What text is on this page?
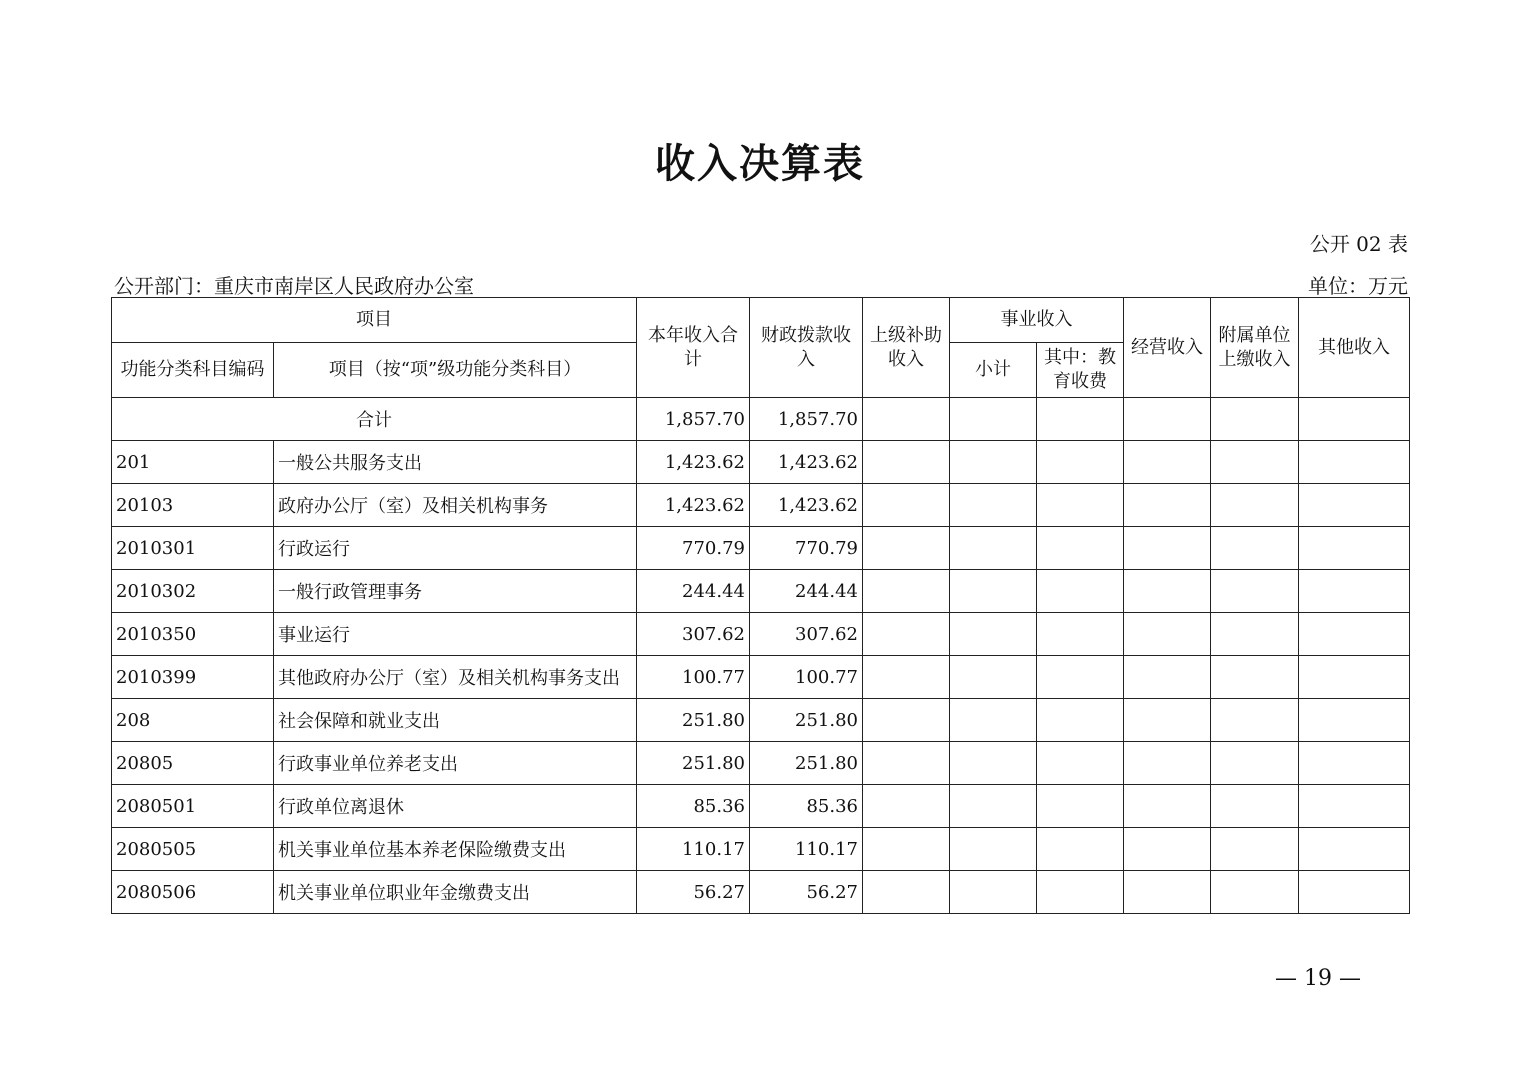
收入决算表
公开 02 表
公开部门：重庆市南岸区人民政府办公室	单位：万元
项目		本年收入合计	财政拨款收入	上级补助收入	事业收入		经营收入	附属单位上缴收入	其他收入
功能分类科目编码	项目（按“项”级功能分类科目）				小计	其中：教育收费			
合计		1,857.70	1,857.70						
201	一般公共服务支出	1,423.62	1,423.62						
20103	政府办公厅（室）及相关机构事务	1,423.62	1,423.62						
2010301	行政运行	770.79	770.79						
2010302	一般行政管理事务	244.44	244.44						
2010350	事业运行	307.62	307.62						
2010399	其他政府办公厅（室）及相关机构事务支出	100.77	100.77						
208	社会保障和就业支出	251.80	251.80						
20805	行政事业单位养老支出	251.80	251.80						
2080501	行政单位离退休	85.36	85.36						
2080505	机关事业单位基本养老保险缴费支出	110.17	110.17						
2080506	机关事业单位职业年金缴费支出	56.27	56.27						
— 19 —
